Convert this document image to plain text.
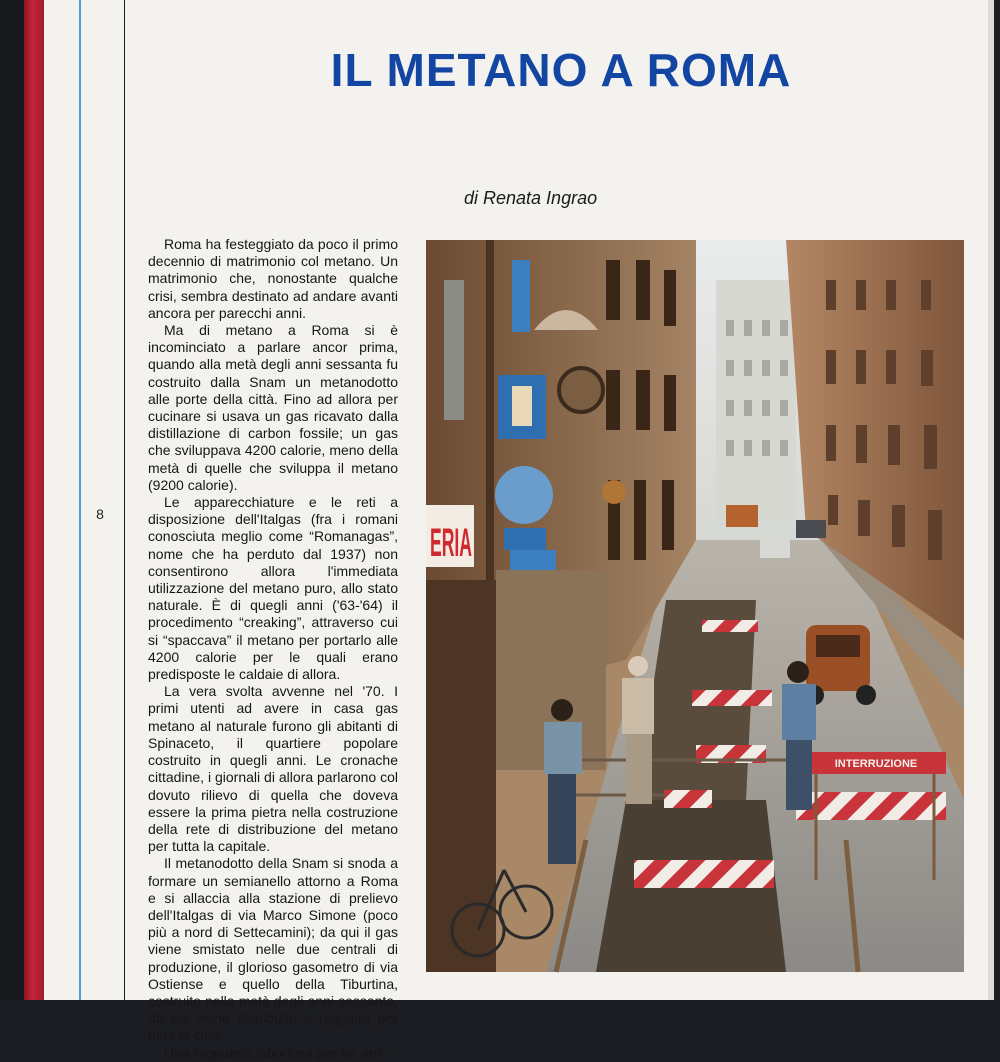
8
IL METANO A ROMA
di Renata Ingrao

Roma ha festeggiato da poco il primo decennio di matrimonio col metano. Un matrimonio che, nonostante qualche crisi, sembra destinato ad andare avanti ancora per parecchi anni.

Ma di metano a Roma si è incominciato a parlare ancor prima, quando alla metà degli anni sessanta fu costruito dalla Snam un metanodotto alle porte della città. Fino ad allora per cucinare si usava un gas ricavato dalla distillazione di carbon fossile; un gas che sviluppava 4200 calorie, meno della metà di quelle che sviluppa il metano (9200 calorie).

Le apparecchiature e le reti a disposizione dell'Italgas (fra i romani conosciuta meglio come “Romanagas”, nome che ha perduto dal 1937) non consentirono allora l'immediata utilizzazione del metano puro, allo stato naturale. È di quegli anni ('63-'64) il procedimento “creaking”, attraverso cui si “spaccava” il metano per portarlo alle 4200 calorie per le quali erano predisposte le caldaie di allora.

La vera svolta avvenne nel '70. I primi utenti ad avere in casa gas metano al naturale furono gli abitanti di Spinaceto, il quartiere popolare costruito in quegli anni. Le cronache cittadine, i giornali di allora parlarono col dovuto rilievo di quella che doveva essere la prima pietra nella costruzione della rete di distribuzione del metano per tutta la capitale.

Il metanodotto della Snam si snoda a formare un semianello attorno a Roma e si allaccia alla stazione di prelievo dell'Italgas di via Marco Simone (poco più a nord di Settecamini); da qui il gas viene smistato nelle due centrali di produzione, il glorioso gasometro di via Ostiense e quello della Tiburtina, costruito nella metà degli anni sessanta, da cui viene distribuito a raggiera per tutta la città.

Una ragnatela laboriosa per far arri-

ERIA
INTERRUZIONE
